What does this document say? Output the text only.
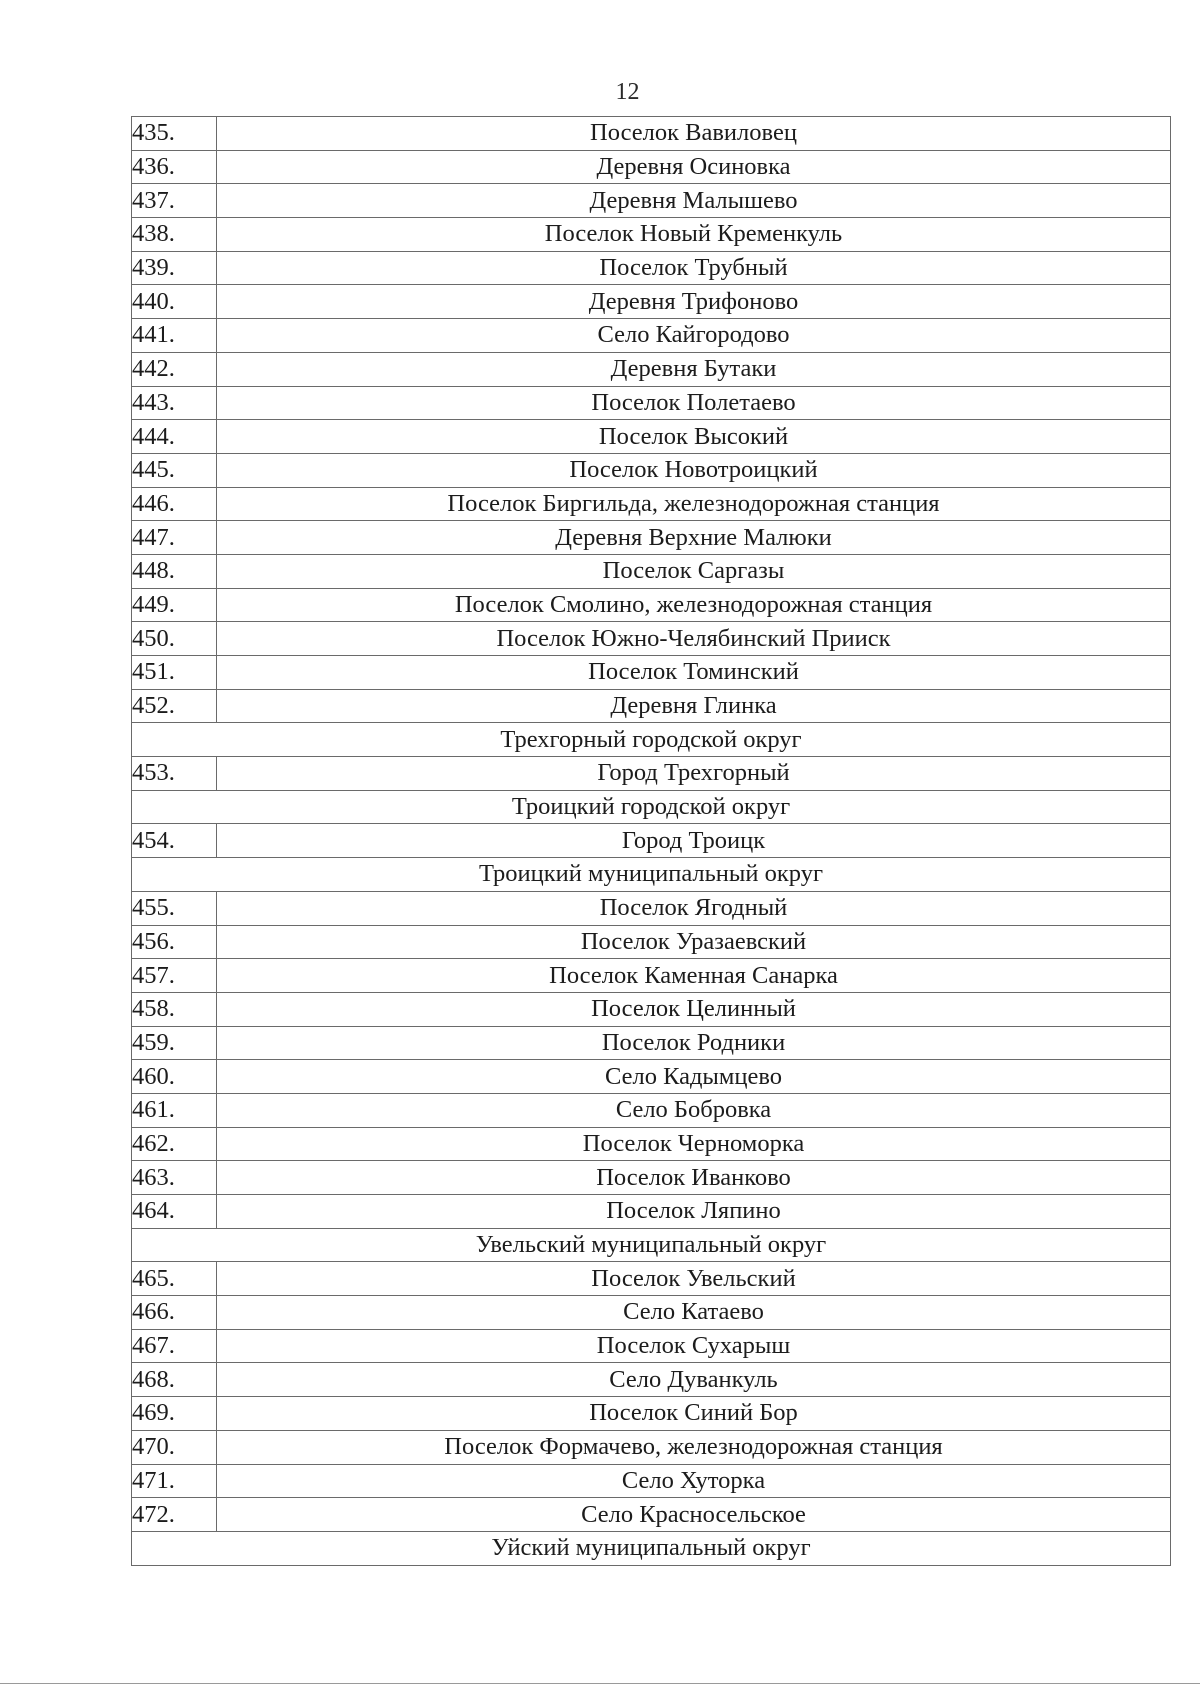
12
435.	Поселок Вавиловец
436.	Деревня Осиновка
437.	Деревня Малышево
438.	Поселок Новый Кременкуль
439.	Поселок Трубный
440.	Деревня Трифоново
441.	Село Кайгородово
442.	Деревня Бутаки
443.	Поселок Полетаево
444.	Поселок Высокий
445.	Поселок Новотроицкий
446.	Поселок Биргильда, железнодорожная станция
447.	Деревня Верхние Малюки
448.	Поселок Саргазы
449.	Поселок Смолино, железнодорожная станция
450.	Поселок Южно-Челябинский Прииск
451.	Поселок Томинский
452.	Деревня Глинка
Трехгорный городской округ	
453.	Город Трехгорный
Троицкий городской округ	
454.	Город Троицк
Троицкий муниципальный округ	
455.	Поселок Ягодный
456.	Поселок Уразаевский
457.	Поселок Каменная Санарка
458.	Поселок Целинный
459.	Поселок Родники
460.	Село Кадымцево
461.	Село Бобровка
462.	Поселок Черноморка
463.	Поселок Иванково
464.	Поселок Ляпино
Увельский муниципальный округ	
465.	Поселок Увельский
466.	Село Катаево
467.	Поселок Сухарыш
468.	Село Дуванкуль
469.	Поселок Синий Бор
470.	Поселок Формачево, железнодорожная станция
471.	Село Хуторка
472.	Село Красносельское
Уйский муниципальный округ	
